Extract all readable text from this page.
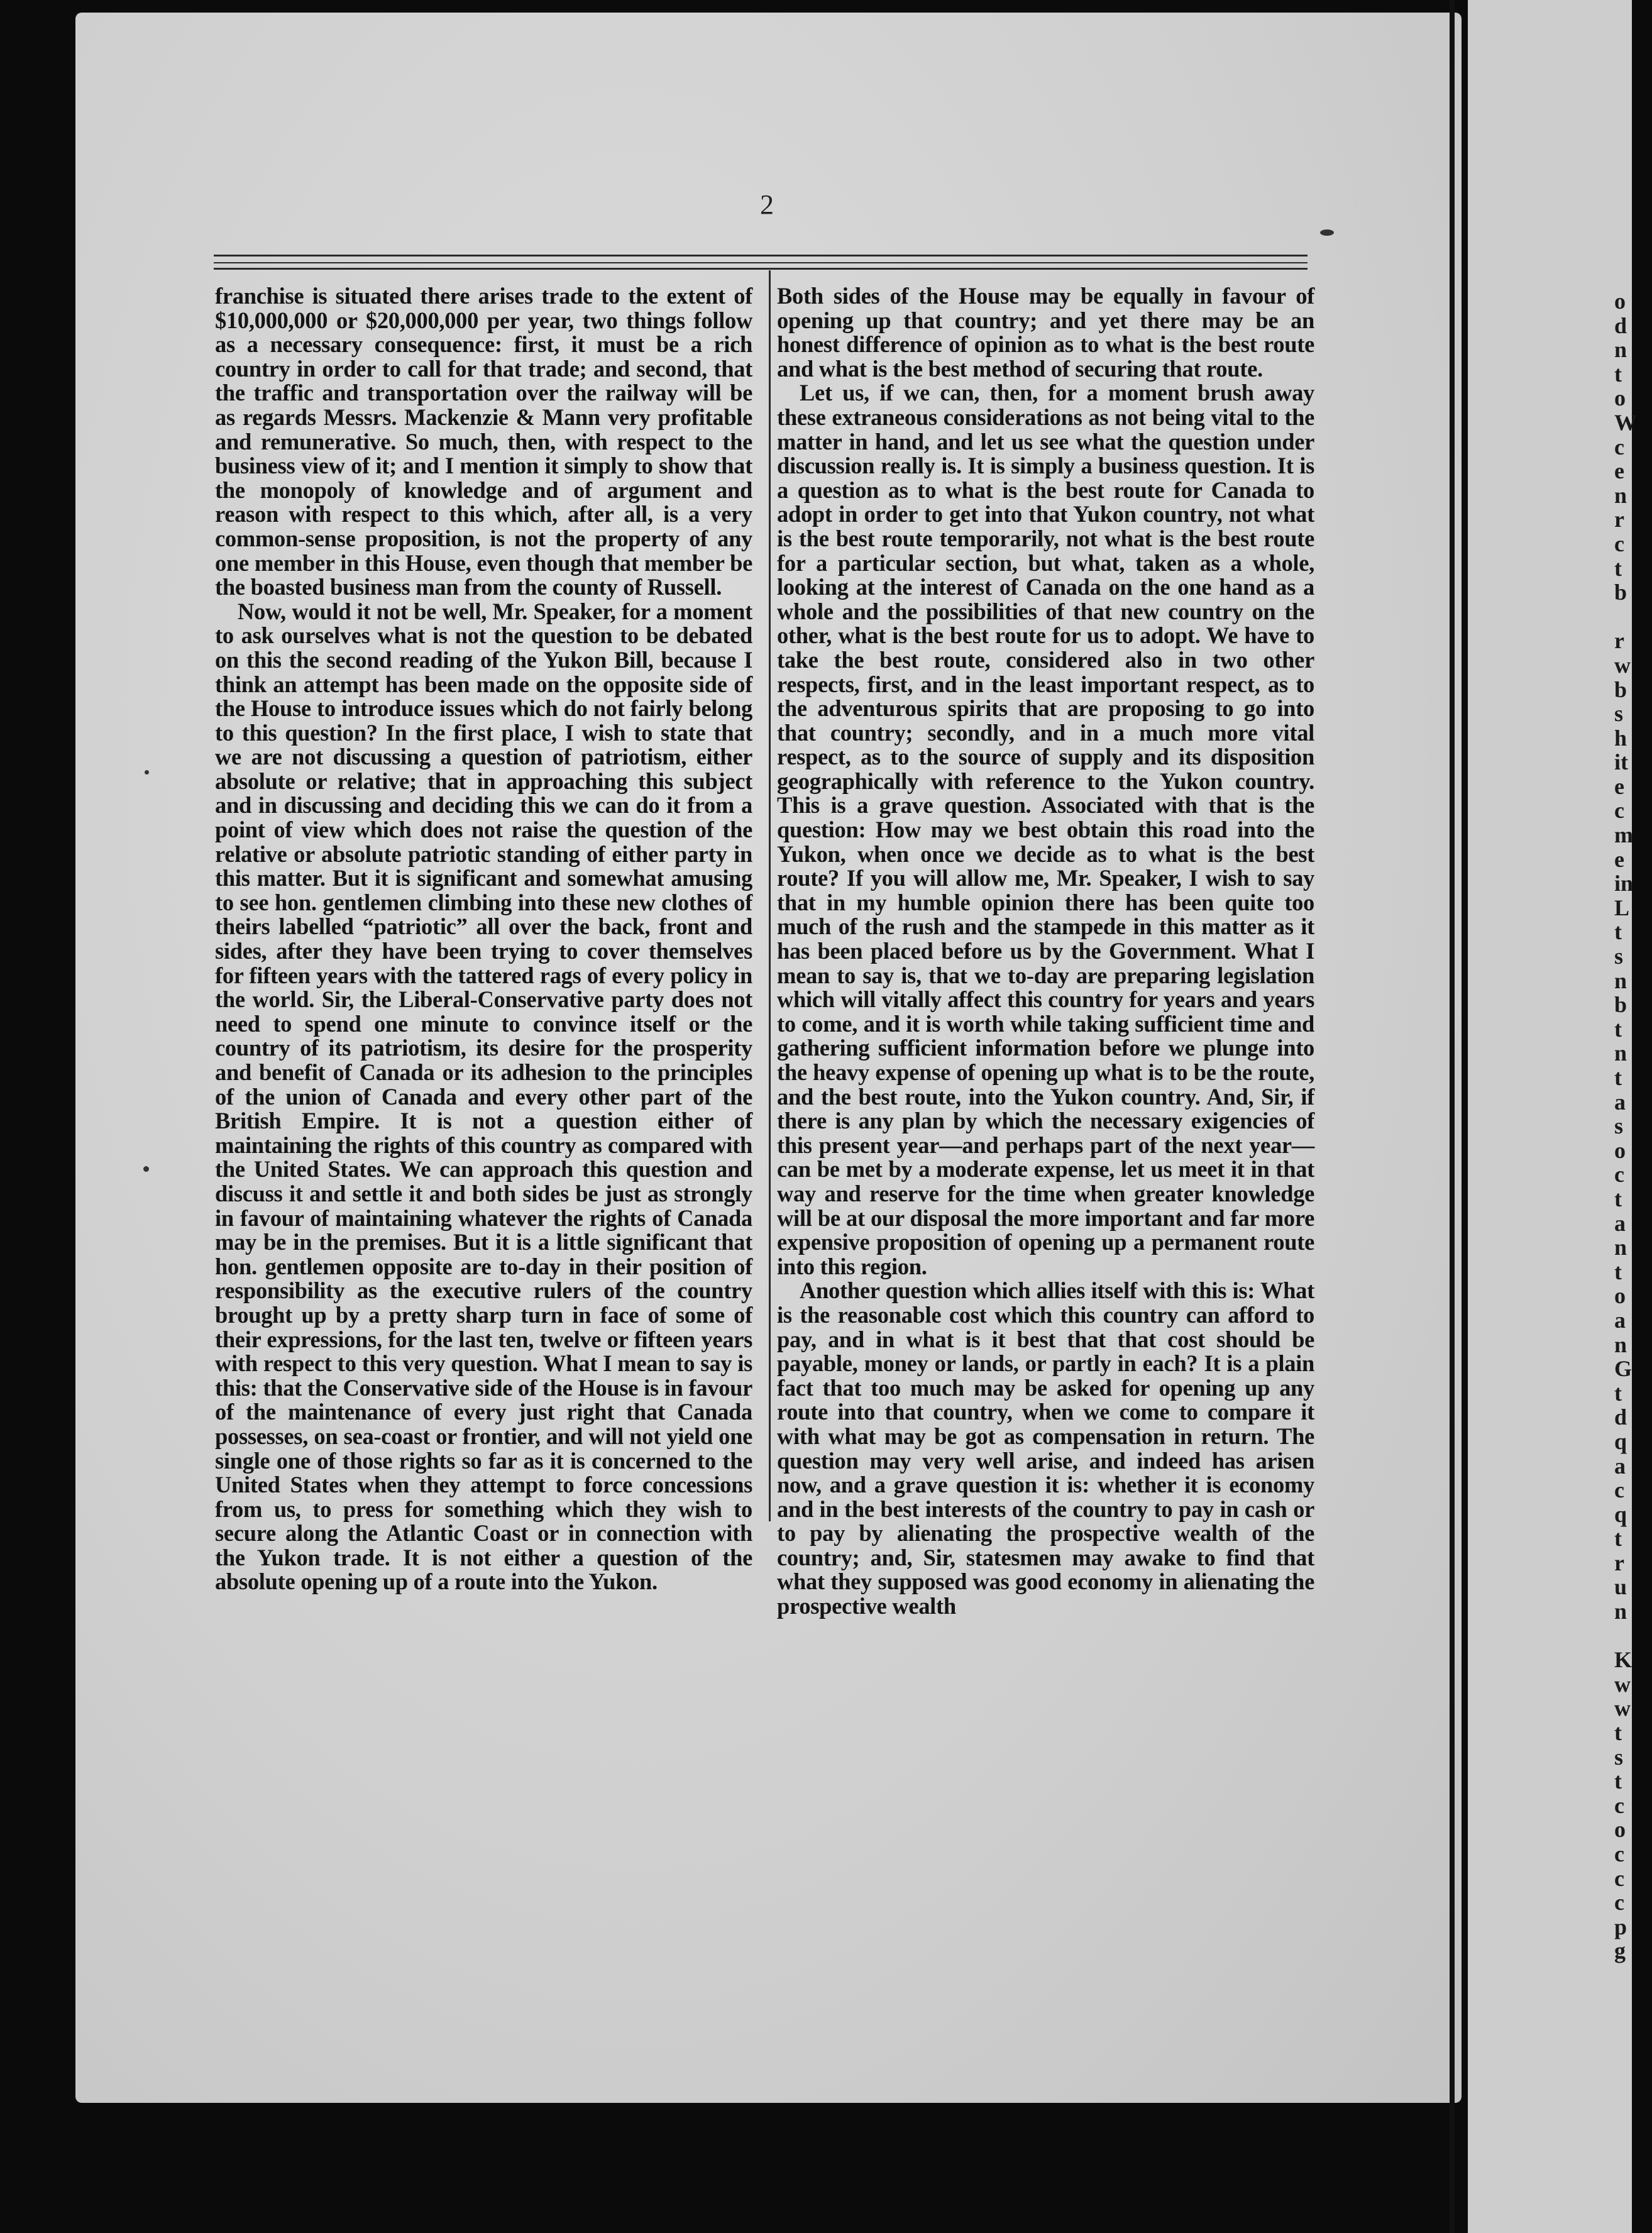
2

franchise is situated there arises trade to the extent of $10,000,000 or $20,000,000 per year, two things follow as a necessary consequence: first, it must be a rich country in order to call for that trade; and second, that the traffic and transportation over the railway will be as regards Messrs. Mackenzie & Mann very profitable and remunerative. So much, then, with respect to the business view of it; and I mention it simply to show that the monopoly of knowledge and of argument and reason with respect to this which, after all, is a very common-sense proposition, is not the property of any one member in this House, even though that member be the boasted business man from the county of Russell.

Now, would it not be well, Mr. Speaker, for a moment to ask ourselves what is not the question to be debated on this the second reading of the Yukon Bill, because I think an attempt has been made on the opposite side of the House to introduce issues which do not fairly belong to this question? In the first place, I wish to state that we are not discussing a question of patriotism, either absolute or relative; that in approaching this subject and in discussing and deciding this we can do it from a point of view which does not raise the question of the relative or absolute patriotic standing of either party in this matter. But it is significant and somewhat amusing to see hon. gentlemen climbing into these new clothes of theirs labelled “patriotic” all over the back, front and sides, after they have been trying to cover themselves for fifteen years with the tattered rags of every policy in the world. Sir, the Liberal-Conservative party does not need to spend one minute to convince itself or the country of its patriotism, its desire for the prosperity and benefit of Canada or its adhesion to the principles of the union of Canada and every other part of the British Empire. It is not a question either of maintaining the rights of this country as compared with the United States. We can approach this question and discuss it and settle it and both sides be just as strongly in favour of maintaining whatever the rights of Canada may be in the premises. But it is a little significant that hon. gentlemen opposite are to-day in their position of responsibility as the executive rulers of the country brought up by a pretty sharp turn in face of some of their expressions, for the last ten, twelve or fifteen years with respect to this very question. What I mean to say is this: that the Conservative side of the House is in favour of the maintenance of every just right that Canada possesses, on sea-coast or frontier, and will not yield one single one of those rights so far as it is concerned to the United States when they attempt to force concessions from us, to press for something which they wish to secure along the Atlantic Coast or in connection with the Yukon trade. It is not either a question of the absolute opening up of a route into the Yukon.

Both sides of the House may be equally in favour of opening up that country; and yet there may be an honest difference of opinion as to what is the best route and what is the best method of securing that route.

Let us, if we can, then, for a moment brush away these extraneous considerations as not being vital to the matter in hand, and let us see what the question under discussion really is. It is simply a business question. It is a question as to what is the best route for Canada to adopt in order to get into that Yukon country, not what is the best route temporarily, not what is the best route for a particular section, but what, taken as a whole, looking at the interest of Canada on the one hand as a whole and the possibilities of that new country on the other, what is the best route for us to adopt. We have to take the best route, considered also in two other respects, first, and in the least important respect, as to the adventurous spirits that are proposing to go into that country; secondly, and in a much more vital respect, as to the source of supply and its disposition geographically with reference to the Yukon country. This is a grave question. Associated with that is the question: How may we best obtain this road into the Yukon, when once we decide as to what is the best route? If you will allow me, Mr. Speaker, I wish to say that in my humble opinion there has been quite too much of the rush and the stampede in this matter as it has been placed before us by the Government. What I mean to say is, that we to-day are preparing legislation which will vitally affect this country for years and years to come, and it is worth while taking sufficient time and gathering sufficient information before we plunge into the heavy expense of opening up what is to be the route, and the best route, into the Yukon country. And, Sir, if there is any plan by which the necessary exigencies of this present year—and perhaps part of the next year—can be met by a moderate expense, let us meet it in that way and reserve for the time when greater knowledge will be at our disposal the more important and far more expensive proposition of opening up a permanent route into this region.

Another question which allies itself with this is: What is the reasonable cost which this country can afford to pay, and in what is it best that that cost should be payable, money or lands, or partly in each? It is a plain fact that too much may be asked for opening up any route into that country, when we come to compare it with what may be got as compensation in return. The question may very well arise, and indeed has arisen now, and a grave question it is: whether it is economy and in the best interests of the country to pay in cash or to pay by alienating the prospective wealth of the country; and, Sir, statesmen may awake to find that what they supposed was good economy in alienating the prospective wealth

o
d
n
t
o
W
c
e
n
r
c
t
b
r
w
b
s
h
it
e
c
m
e
in
L
t
s
n
b
t
n
t
a
s
o
c
t
a
n
t
o
a
n
G
t
d
q
a
c
q
t
r
u
n
K
w
w
t
s
t
c
o
c
c
c
p
g
